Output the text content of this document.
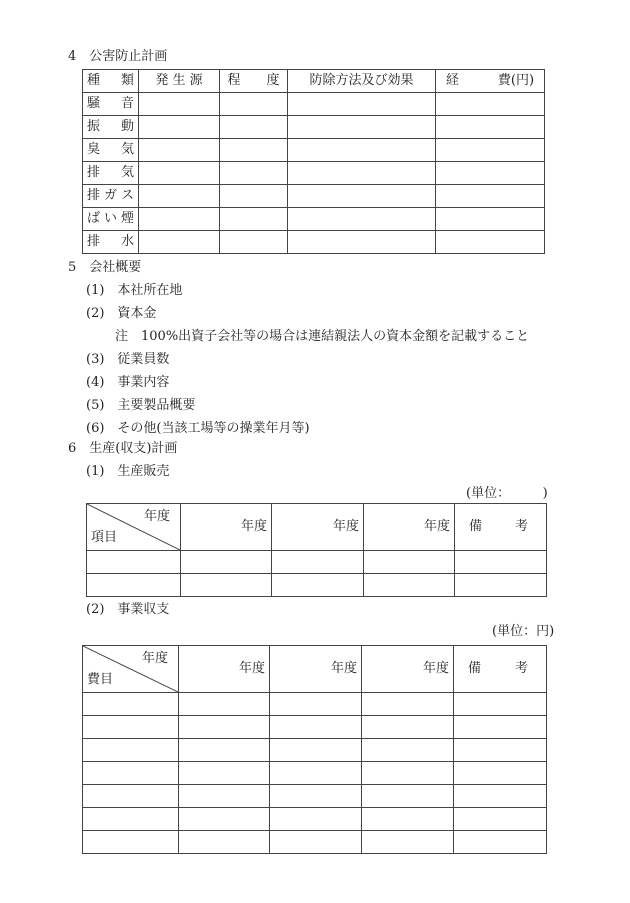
4　公害防止計画
種　類	発 生 源	程　　度	防除方法及び効果	経　　　費(円)
騒　音				
振　動				
臭　気				
排　気				
排ガス				
ばい煙				
排　水				
5　会社概要
(1)　本社所在地
(2)　資本金
　注　100%出資子会社等の場合は連結親法人の資本金額を記載すること
(3)　従業員数
(4)　事業内容
(5)　主要製品概要
(6)　その他(当該工場等の操業年月等)
6　生産(収支)計画
(1)　生産販売
(単位：　　　)
年度
項目	年度	年度	年度	備 考

(2)　事業収支
(単位：円)
年度
費目	年度	年度	年度	備 考
